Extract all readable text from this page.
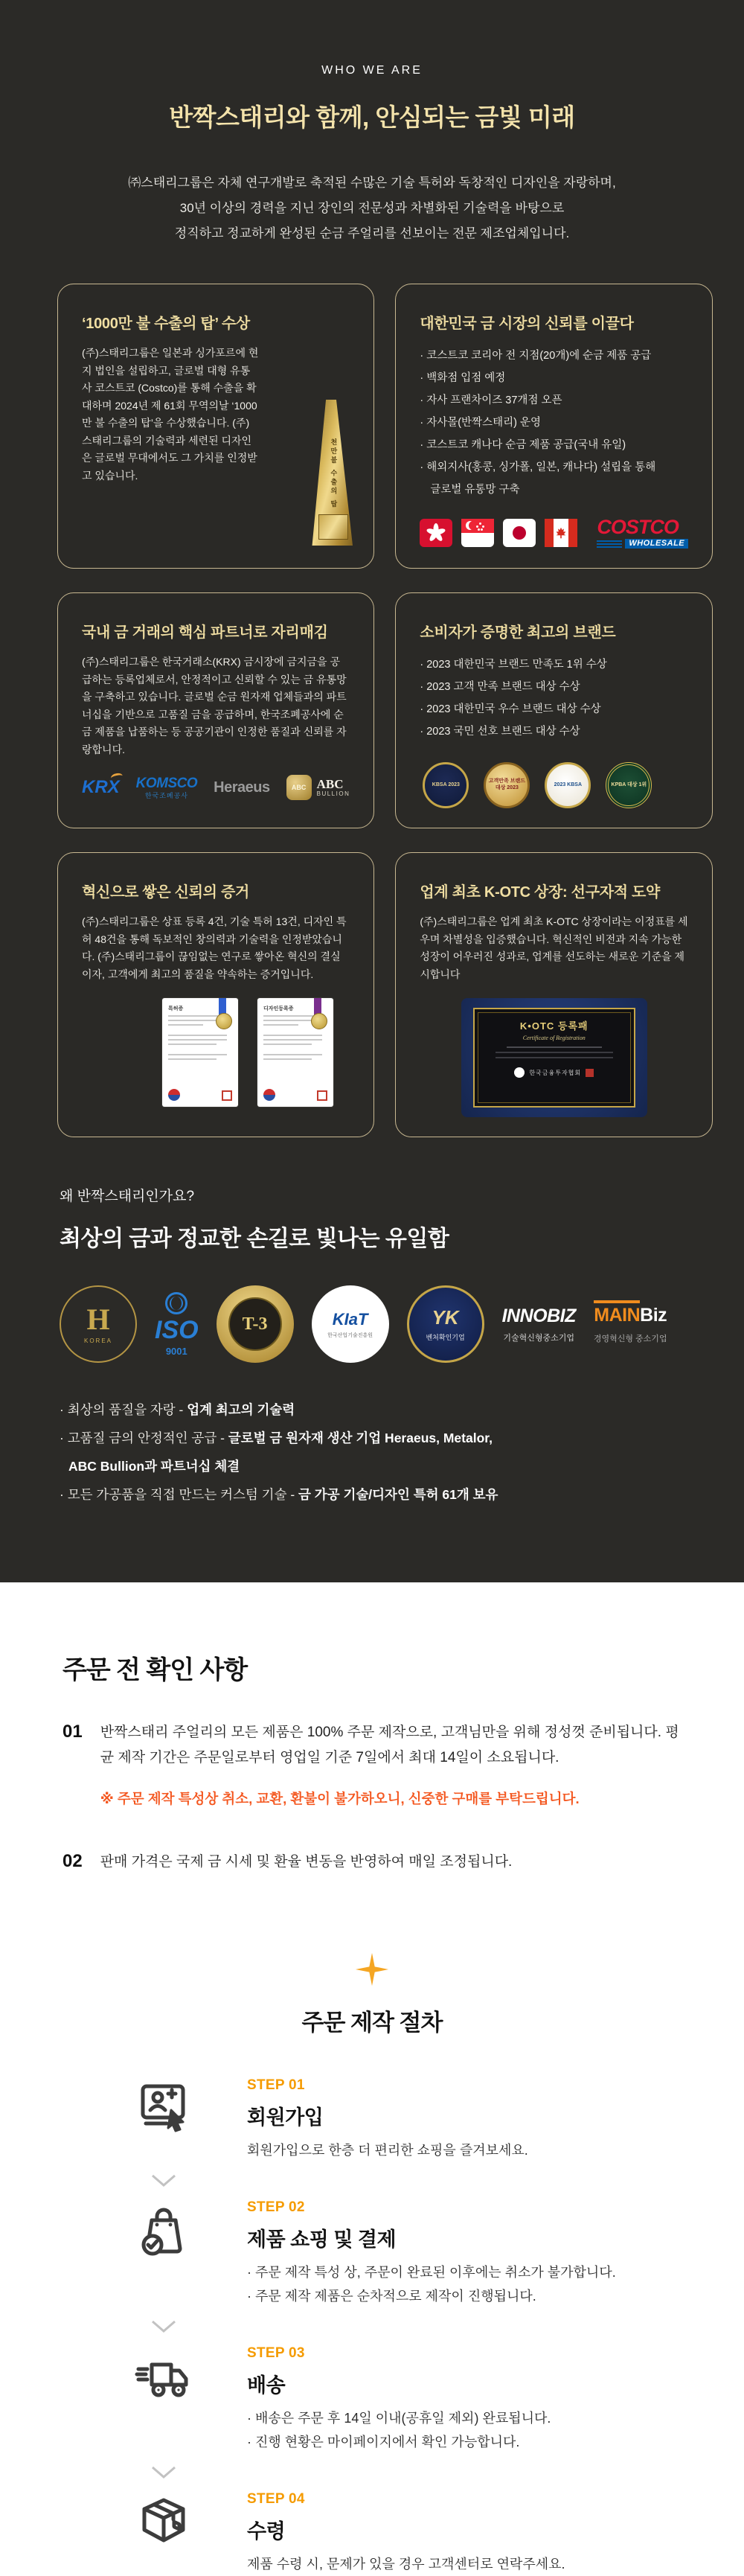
WHO WE ARE
반짝스태리와 함께, 안심되는 금빛 미래
㈜스태리그룹은 자체 연구개발로 축적된 수많은 기술 특허와 독창적인 디자인을 자랑하며,
30년 이상의 경력을 지닌 장인의 전문성과 차별화된 기술력을 바탕으로
정직하고 정교하게 완성된 순금 주얼리를 선보이는 전문 제조업체입니다.
‘1000만 불 수출의 탑’ 수상

(주)스태리그룹은 일본과 싱가포르에 현지 법인을 설립하고, 글로벌 대형 유통사 코스트코 (Costco)를 통해 수출을 확대하며 2024년 제 61회 무역의날 ‘1000만 불 수출의 탑’을 수상했습니다. (주)스태리그룹의 기술력과 세련된 디자인은 글로벌 무대에서도 그 가치를 인정받고 있습니다.	천만불 수출의 탑
대한민국 금 시장의 신뢰를 이끌다
· 코스트코 코리아 전 지점(20개)에 순금 제품 공급
· 백화점 입점 예정
· 자사 프랜차이즈 37개점 오픈
· 자사몰(반짝스태리) 운영
· 코스트코 캐나다 순금 제품 공급(국내 유일)
· 해외지사(홍콩, 싱가폴, 일본, 캐나다) 설립을 통해 글로벌 유통망 구축
COSTCO
WHOLESALE
국내 금 거래의 핵심 파트너로 자리매김

(주)스태리그룹은 한국거래소(KRX) 금시장에 금지금을 공급하는 등록업체로서, 안정적이고 신뢰할 수 있는 금 유통망을 구축하고 있습니다. 글로벌 순금 원자재 업체들과의 파트너십을 기반으로 고품질 금을 공급하며, 한국조폐공사에 순금 제품을 납품하는 등 공공기관이 인정한 품질과 신뢰를 자랑합니다.

KRX KOMSCO
한국조폐공사	Heraeus	ABC ABC
BULLION
소비자가 증명한 최고의 브랜드
· 2023 대한민국 브랜드 만족도 1위 수상
· 2023 고객 만족 브랜드 대상 수상
· 2023 대한민국 우수 브랜드 대상 수상
· 2023 국민 선호 브랜드 대상 수상
KBSA 2023
고객만족 브랜드대상 2023
2023 KBSA	KPBA 대상 1위
혁신으로 쌓은 신뢰의 증거

(주)스태리그룹은 상표 등록 4건, 기술 특허 13건, 디자인 특허 48건을 통해 독보적인 창의력과 기술력을 인정받았습니다. (주)스태리그룹이 끊임없는 연구로 쌓아온 혁신의 결실이자, 고객에게 최고의 품질을 약속하는 증거입니다.

특허증	디자인등록증
업계 최초 K-OTC 상장: 선구자적 도약

(주)스태리그룹은 업계 최초 K-OTC 상장이라는 이정표를 세우며 차별성을 입증했습니다. 혁신적인 비전과 지속 가능한 성장이 어우러진 성과로, 업계를 선도하는 새로운 기준을 제시합니다

K•OTC 등록패
Certificate of Registration
한국금융투자협회
왜 반짝스태리인가요?
최상의 금과 정교한 손길로 빛나는 유일함
H
KOREA ISO
9001
T-3	KIaT
한국산업기술진흥원
YK
벤처확인기업
INNOBIZ
기술혁신형중소기업
MAINBiz
경영혁신형 중소기업
· 최상의 품질을 자랑 - 업계 최고의 기술력
· 고품질 금의 안정적인 공급 - 글로벌 금 원자재 생산 기업 Heraeus, Metalor,
ABC Bullion과 파트너십 체결
· 모든 가공품을 직접 만드는 커스텀 기술 - 금 가공 기술/디자인 특허 61개 보유
주문 전 확인 사항
01 반짝스태리 주얼리의 모든 제품은 100% 주문 제작으로, 고객님만을 위해 정성껏 준비됩니다. 평균 제작 기간은 주문일로부터 영업일 기준 7일에서 최대 14일이 소요됩니다.
※ 주문 제작 특성상 취소, 교환, 환불이 불가하오니, 신중한 구매를 부탁드립니다.
02 판매 가격은 국제 금 시세 및 환율 변동을 반영하여 매일 조정됩니다.
주문 제작 절차
STEP 01
회원가입
회원가입으로 한층 더 편리한 쇼핑을 즐겨보세요.
STEP 02
제품 쇼핑 및 결제
· 주문 제작 특성 상, 주문이 완료된 이후에는 취소가 불가합니다.
· 주문 제작 제품은 순차적으로 제작이 진행됩니다.
STEP 03
배송
· 배송은 주문 후 14일 이내(공휴일 제외) 완료됩니다.
· 진행 현황은 마이페이지에서 확인 가능합니다.
STEP 04
수령
제품 수령 시, 문제가 있을 경우 고객센터로 연락주세요.
